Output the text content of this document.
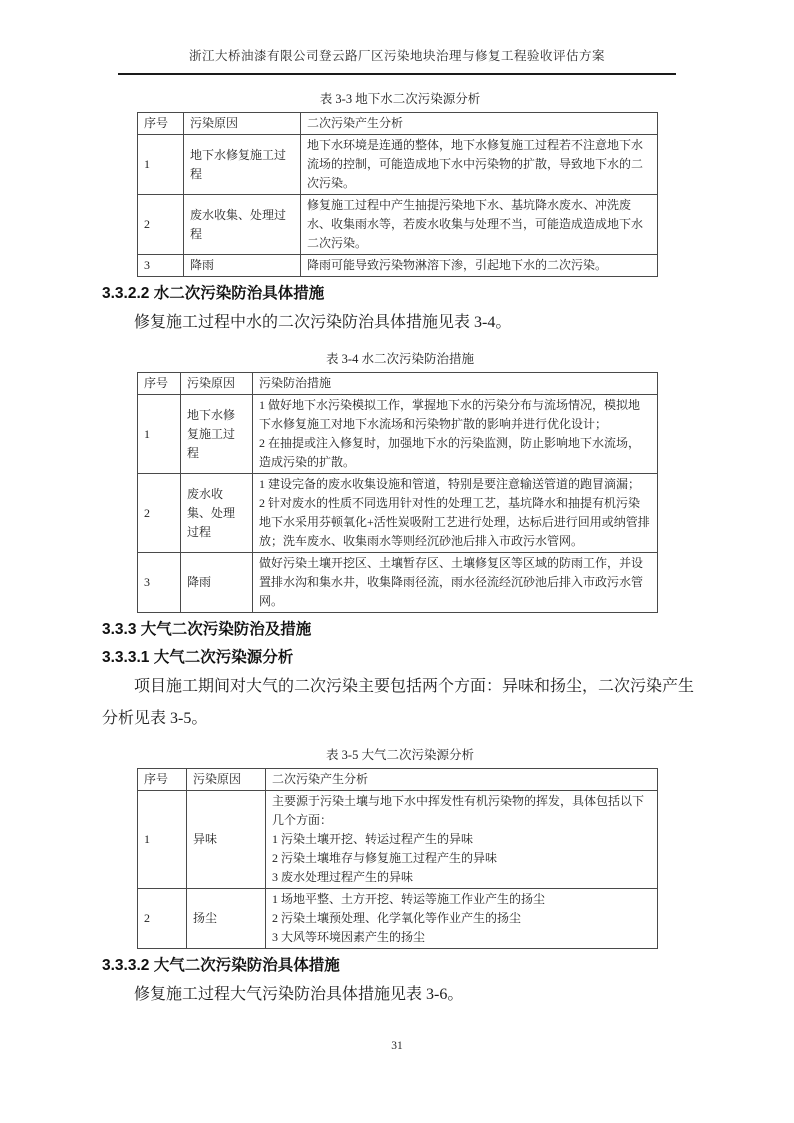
浙江大桥油漆有限公司登云路厂区污染地块治理与修复工程验收评估方案
表 3-3 地下水二次污染源分析
序号	污染原因	二次污染产生分析
1	地下水修复施工过程	地下水环境是连通的整体，地下水修复施工过程若不注意地下水流场的控制，可能造成地下水中污染物的扩散，导致地下水的二次污染。
2	废水收集、处理过程	修复施工过程中产生抽提污染地下水、基坑降水废水、冲洗废水、收集雨水等，若废水收集与处理不当，可能造成造成地下水二次污染。
3	降雨	降雨可能导致污染物淋溶下渗，引起地下水的二次污染。
3.3.2.2 水二次污染防治具体措施

修复施工过程中水的二次污染防治具体措施见表 3-4。

表 3-4 水二次污染防治措施
序号	污染原因	污染防治措施
1	地下水修复施工过程	1 做好地下水污染模拟工作，掌握地下水的污染分布与流场情况，模拟地下水修复施工对地下水流场和污染物扩散的影响并进行优化设计；

2 在抽提或注入修复时，加强地下水的污染监测，防止影响地下水流场，造成污染的扩散。

2	废水收集、处理过程	1 建设完备的废水收集设施和管道，特别是要注意输送管道的跑冒滴漏；

2 针对废水的性质不同选用针对性的处理工艺，基坑降水和抽提有机污染地下水采用芬顿氧化+活性炭吸附工艺进行处理，达标后进行回用或纳管排放；洗车废水、收集雨水等则经沉砂池后排入市政污水管网。

3	降雨	做好污染土壤开挖区、土壤暂存区、土壤修复区等区域的防雨工作，并设置排水沟和集水井，收集降雨径流，雨水径流经沉砂池后排入市政污水管网。

3.3.3 大气二次污染防治及措施
3.3.3.1 大气二次污染源分析

项目施工期间对大气的二次污染主要包括两个方面：异味和扬尘，二次污染产生分析见表 3-5。

表 3-5 大气二次污染源分析
序号	污染原因	二次污染产生分析
1	异味	主要源于污染土壤与地下水中挥发性有机污染物的挥发，具体包括以下几个方面：

1 污染土壤开挖、转运过程产生的异味

2 污染土壤堆存与修复施工过程产生的异味

3 废水处理过程产生的异味

2	扬尘	1 场地平整、土方开挖、转运等施工作业产生的扬尘

2 污染土壤预处理、化学氧化等作业产生的扬尘

3 大风等环境因素产生的扬尘

3.3.3.2 大气二次污染防治具体措施

修复施工过程大气污染防治具体措施见表 3-6。

31
